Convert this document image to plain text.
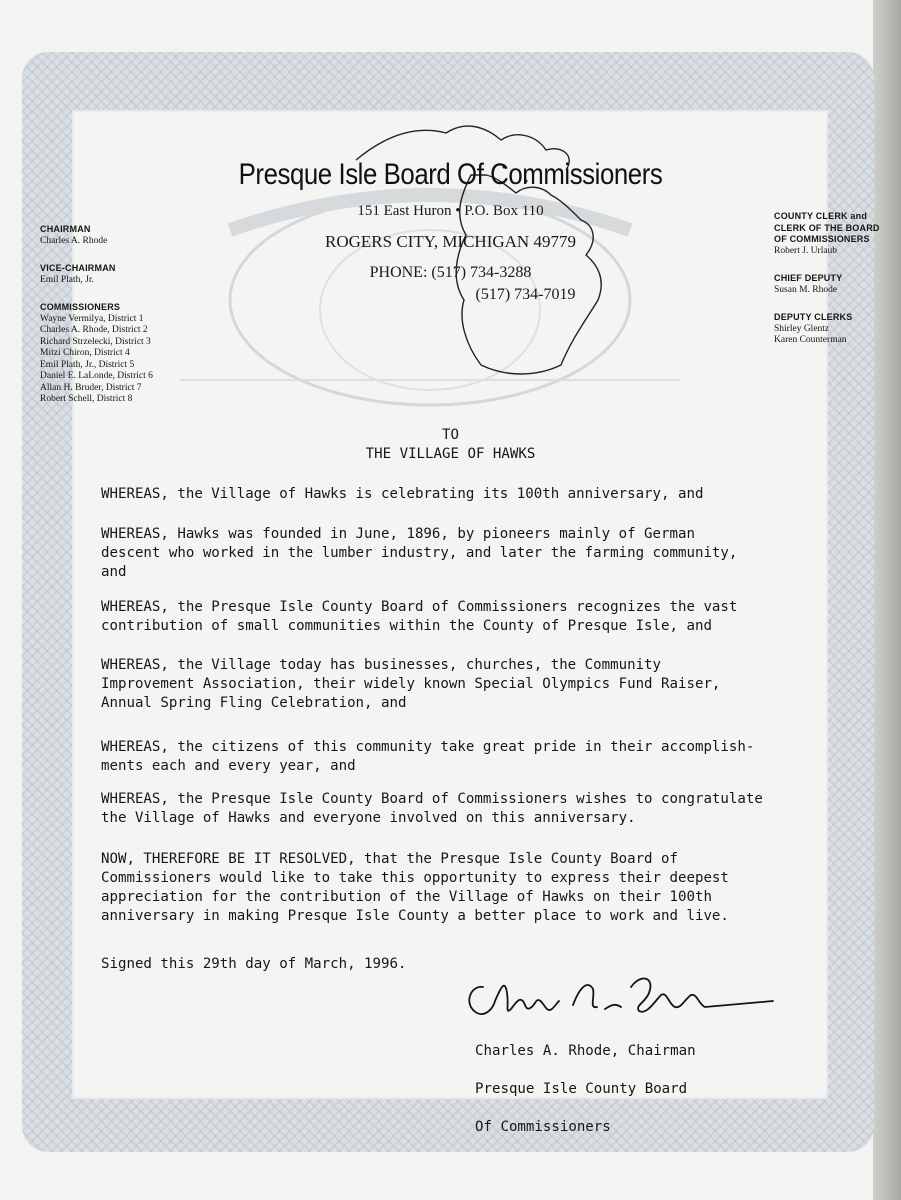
Presque Isle Board Of Commissioners
151 East Huron • P.O. Box 110
ROGERS CITY, MICHIGAN 49779
PHONE: (517) 734-3288
(517) 734-7019
CHAIRMAN
Charles A. Rhode
VICE-CHAIRMAN
Emil Plath, Jr.
COMMISSIONERS
Wayne Vermilya, District 1
Charles A. Rhode, District 2
Richard Strzelecki, District 3
Mitzi Chiron, District 4
Emil Plath, Jr., District 5
Daniel E. LaLonde, District 6
Allan H. Bruder, District 7
Robert Schell, District 8
COUNTY CLERK and
CLERK OF THE BOARD
OF COMMISSIONERS
Robert J. Urlaub
CHIEF DEPUTY
Susan M. Rhode
DEPUTY CLERKS
Shirley Glentz
Karen Counterman
TO
THE VILLAGE OF HAWKS
WHEREAS, the Village of Hawks is celebrating its 100th anniversary, and
WHEREAS, Hawks was founded in June, 1896, by pioneers mainly of German
descent who worked in the lumber industry, and later the farming community,
and
WHEREAS, the Presque Isle County Board of Commissioners recognizes the vast
contribution of small communities within the County of Presque Isle, and
WHEREAS, the Village today has businesses, churches, the Community
Improvement Association, their widely known Special Olympics Fund Raiser,
Annual Spring Fling Celebration, and
WHEREAS, the citizens of this community take great pride in their accomplish-
ments each and every year, and
WHEREAS, the Presque Isle County Board of Commissioners wishes to congratulate
the Village of Hawks and everyone involved on this anniversary.
NOW, THEREFORE BE IT RESOLVED, that the Presque Isle County Board of
Commissioners would like to take this opportunity to express their deepest
appreciation for the contribution of the Village of Hawks on their 100th
anniversary in making Presque Isle County a better place to work and live.
Signed this 29th day of March, 1996.

Charles A. Rhode, Chairman

Presque Isle County Board

Of Commissioners
